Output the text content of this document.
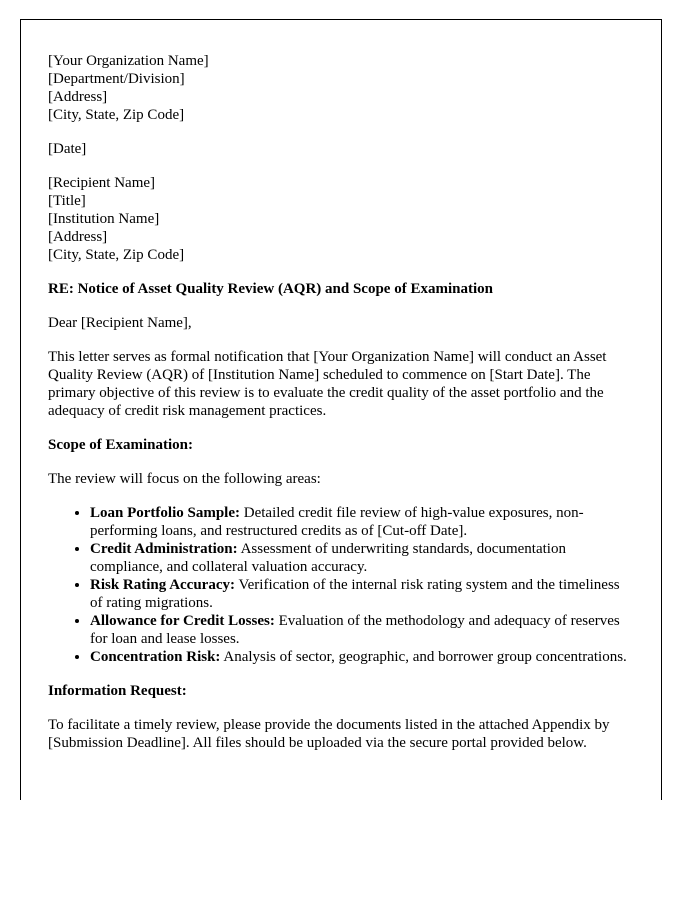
[Your Organization Name]
[Department/Division]
[Address]
[City, State, Zip Code]
[Date]
[Recipient Name]
[Title]
[Institution Name]
[Address]
[City, State, Zip Code]
RE: Notice of Asset Quality Review (AQR) and Scope of Examination
Dear [Recipient Name],
This letter serves as formal notification that [Your Organization Name] will conduct an Asset Quality Review (AQR) of [Institution Name] scheduled to commence on [Start Date]. The primary objective of this review is to evaluate the credit quality of the asset portfolio and the adequacy of credit risk management practices.
Scope of Examination:
The review will focus on the following areas:
• Loan Portfolio Sample: Detailed credit file review of high-value exposures, non-performing loans, and restructured credits as of [Cut-off Date].
• Credit Administration: Assessment of underwriting standards, documentation compliance, and collateral valuation accuracy.
• Risk Rating Accuracy: Verification of the internal risk rating system and the timeliness of rating migrations.
• Allowance for Credit Losses: Evaluation of the methodology and adequacy of reserves for loan and lease losses.
• Concentration Risk: Analysis of sector, geographic, and borrower group concentrations.
Information Request:
To facilitate a timely review, please provide the documents listed in the attached Appendix by [Submission Deadline]. All files should be uploaded via the secure portal provided below.
